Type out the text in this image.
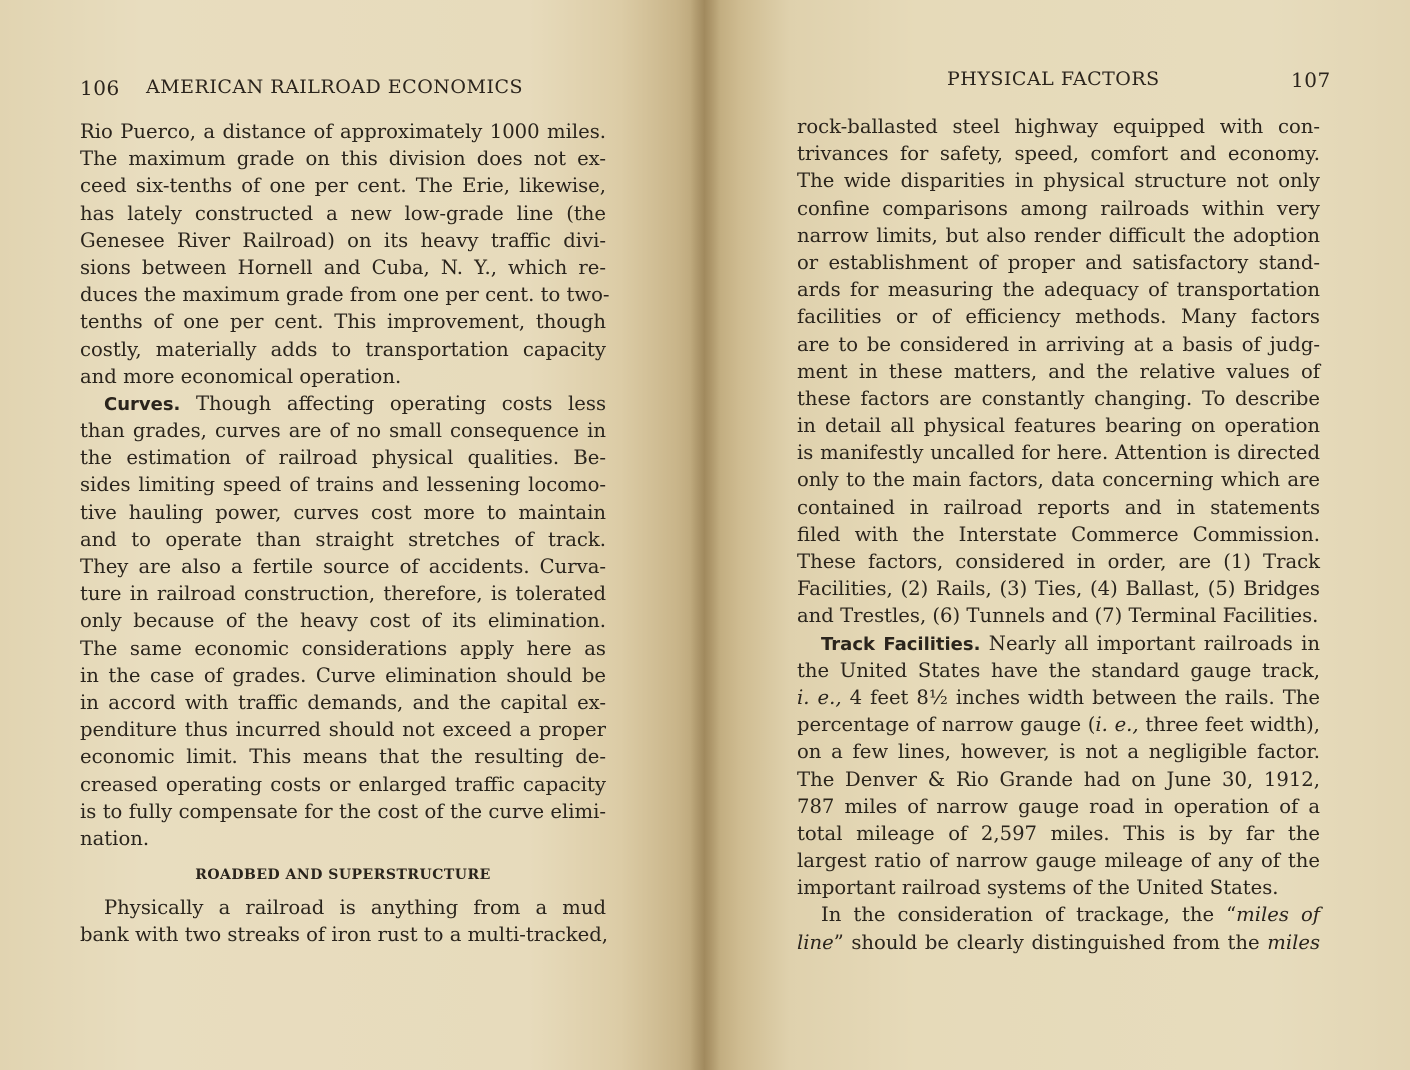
106 AMERICAN RAILROAD ECONOMICS
Rio Puerco, a distance of approximately 1000 miles.
The maximum grade on this division does not ex-
ceed six-tenths of one per cent. The Erie, likewise,
has lately constructed a new low-grade line (the
Genesee River Railroad) on its heavy traffic divi-
sions between Hornell and Cuba, N. Y., which re-
duces the maximum grade from one per cent. to two-
tenths of one per cent. This improvement, though
costly, materially adds to transportation capacity
and more economical operation.
Curves. Though affecting operating costs less
than grades, curves are of no small consequence in
the estimation of railroad physical qualities. Be-
sides limiting speed of trains and lessening locomo-
tive hauling power, curves cost more to maintain
and to operate than straight stretches of track.
They are also a fertile source of accidents. Curva-
ture in railroad construction, therefore, is tolerated
only because of the heavy cost of its elimination.
The same economic considerations apply here as
in the case of grades. Curve elimination should be
in accord with traffic demands, and the capital ex-
penditure thus incurred should not exceed a proper
economic limit. This means that the resulting de-
creased operating costs or enlarged traffic capacity
is to fully compensate for the cost of the curve elimi-
nation.
ROADBED AND SUPERSTRUCTURE
Physically a railroad is anything from a mud
bank with two streaks of iron rust to a multi-tracked,
PHYSICAL FACTORS	107
rock-ballasted steel highway equipped with con-
trivances for safety, speed, comfort and economy.
The wide disparities in physical structure not only
confine comparisons among railroads within very
narrow limits, but also render difficult the adoption
or establishment of proper and satisfactory stand-
ards for measuring the adequacy of transportation
facilities or of efficiency methods. Many factors
are to be considered in arriving at a basis of judg-
ment in these matters, and the relative values of
these factors are constantly changing. To describe
in detail all physical features bearing on operation
is manifestly uncalled for here. Attention is directed
only to the main factors, data concerning which are
contained in railroad reports and in statements
filed with the Interstate Commerce Commission.
These factors, considered in order, are (1) Track
Facilities, (2) Rails, (3) Ties, (4) Ballast, (5) Bridges
and Trestles, (6) Tunnels and (7) Terminal Facilities.
Track Facilities. Nearly all important railroads in
the United States have the standard gauge track,
i. e., 4 feet 8½ inches width between the rails. The
percentage of narrow gauge (i. e., three feet width),
on a few lines, however, is not a negligible factor.
The Denver & Rio Grande had on June 30, 1912,
787 miles of narrow gauge road in operation of a
total mileage of 2,597 miles. This is by far the
largest ratio of narrow gauge mileage of any of the
important railroad systems of the United States.
In the consideration of trackage, the “miles of
line” should be clearly distinguished from the miles
